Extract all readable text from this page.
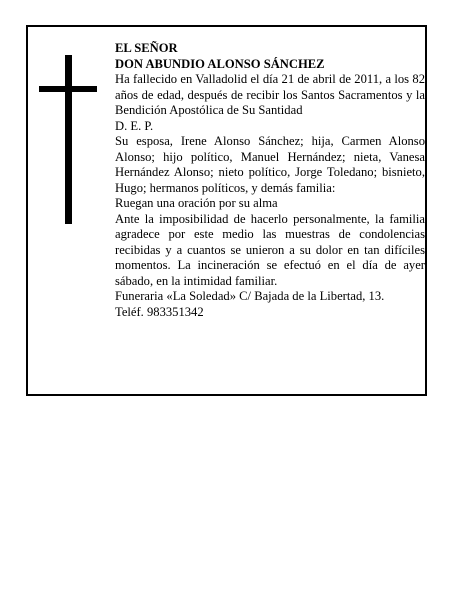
EL SEÑOR

DON ABUNDIO ALONSO SÁNCHEZ

Ha fallecido en Valladolid el día 21 de abril de 2011, a los 82 años de edad, después de recibir los Santos Sacramentos y la Bendición Apostólica de Su Santidad

D. E. P.

Su esposa, Irene Alonso Sánchez; hija, Carmen Alonso Alonso; hijo político, Manuel Hernández; nieta, Vanesa Hernández Alonso; nieto político, Jorge Toledano; bisnieto, Hugo; hermanos políticos, y demás familia:

Ruegan una oración por su alma

Ante la imposibilidad de hacerlo personalmente, la familia agradece por este medio las muestras de condolencias recibidas y a cuantos se unieron a su dolor en tan difíciles momentos. La incineración se efectuó en el día de ayer sábado, en la intimidad familiar.

Funeraria «La Soledad» C/ Bajada de la Libertad, 13.

Teléf. 983351342
